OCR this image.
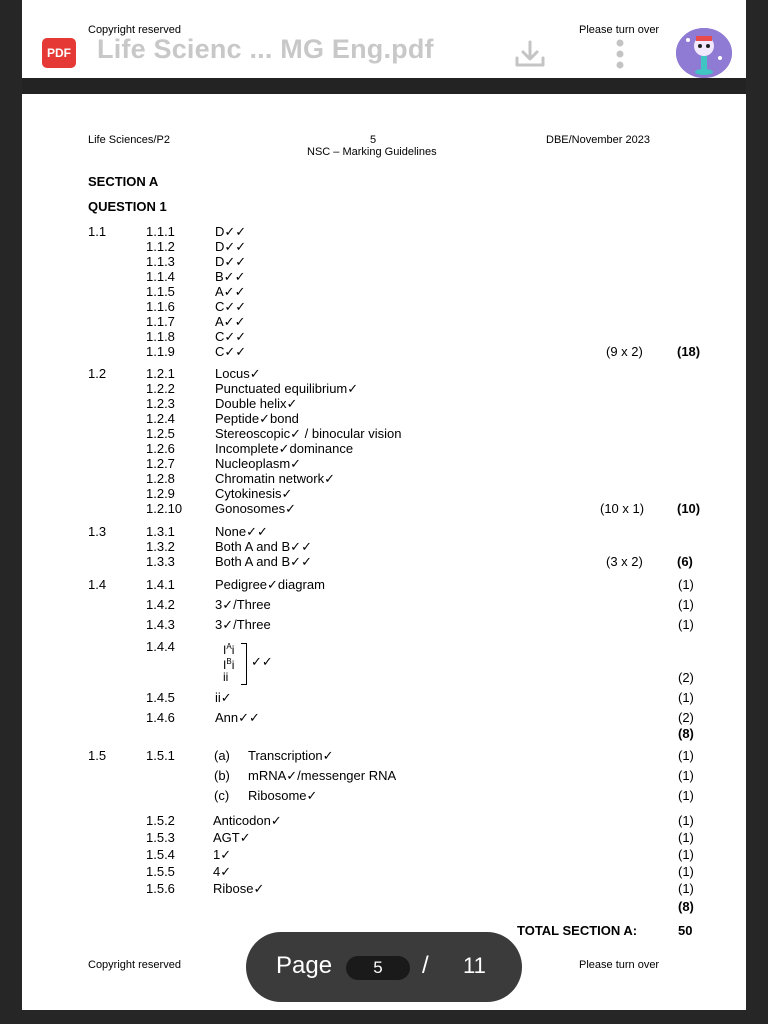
Copyright reserved	Please turn over
PDF Life Scienc ... MG Eng.pdf
Life Sciences/P2	5
NSC – Marking Guidelines
DBE/November 2023
SECTION A
QUESTION 1
1.1	1.1.1	D✓✓
1.1.2	D✓✓
1.1.3	D✓✓
1.1.4	B✓✓
1.1.5	A✓✓
1.1.6	C✓✓
1.1.7	A✓✓
1.1.8	C✓✓
1.1.9	C✓✓	(9 x 2)	(18)
1.2	1.2.1	Locus✓
1.2.2	Punctuated equilibrium✓
1.2.3	Double helix✓
1.2.4	Peptide✓bond
1.2.5	Stereoscopic✓ / binocular vision
1.2.6	Incomplete✓dominance
1.2.7	Nucleoplasm✓
1.2.8	Chromatin network✓
1.2.9	Cytokinesis✓
1.2.10	Gonosomes✓	(10 x 1)	(10)
1.3	1.3.1	None✓✓
1.3.2	Both A and B✓✓
1.3.3	Both A and B✓✓	(3 x 2)	(6)
1.4	1.4.1	Pedigree✓diagram	(1)
1.4.2	3✓/Three	(1)
1.4.3	3✓/Three	(1)
1.4.4	$I^Ai$
$I^Bi$
ii
✓✓
(2)
1.4.5	ii✓	(1)
1.4.6	Ann✓✓	(2)
(8)
1.5	1.5.1	(a) Transcription✓	(1)
(b) mRNA✓/messenger RNA	(1)
(c) Ribosome✓	(1)
1.5.2	Anticodon✓	(1)
1.5.3	AGT✓	(1)
1.5.4	1✓	(1)
1.5.5	4✓	(1)
1.5.6	Ribose✓	(1)
(8)
TOTAL SECTION A:	50
Copyright reserved	Please turn over
Page	5	/ 11
